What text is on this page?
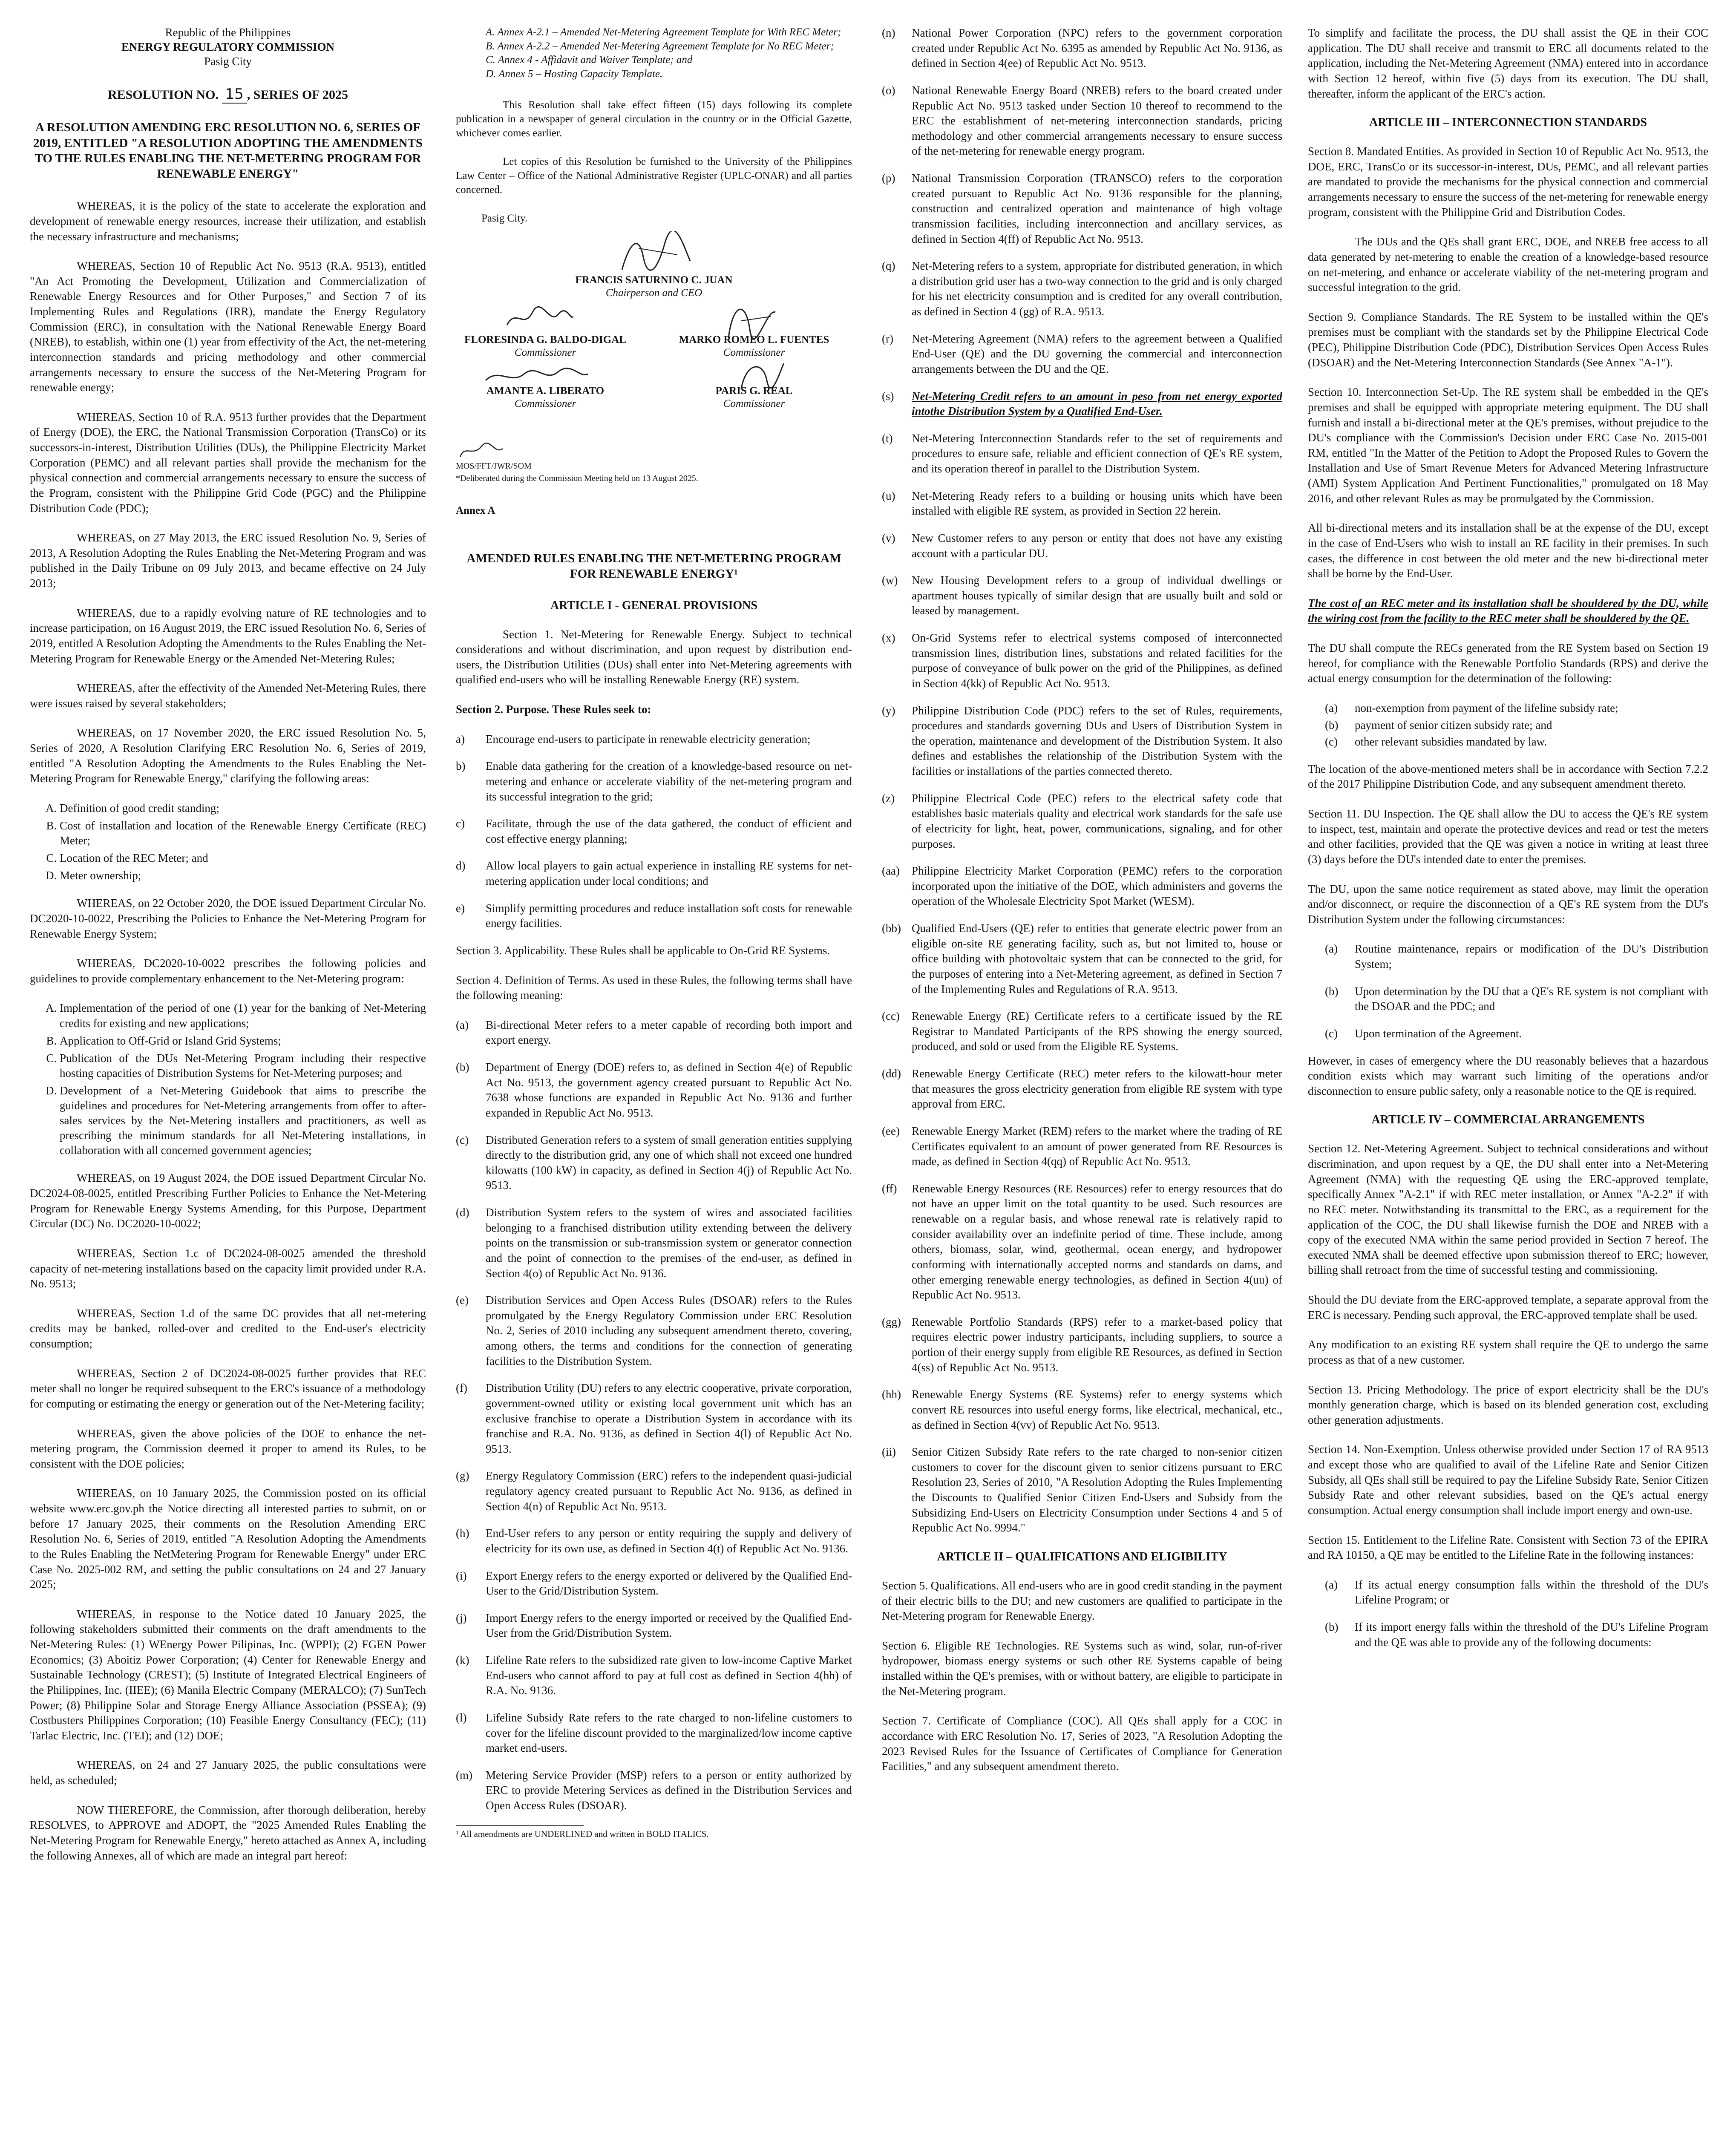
Republic of the Philippines
ENERGY REGULATORY COMMISSION
Pasig City
RESOLUTION NO. 15 , SERIES OF 2025
A RESOLUTION AMENDING ERC RESOLUTION NO. 6, SERIES OF 2019, ENTITLED "A RESOLUTION ADOPTING THE AMENDMENTS TO THE RULES ENABLING THE NET-METERING PROGRAM FOR RENEWABLE ENERGY"

WHEREAS, it is the policy of the state to accelerate the exploration and development of renewable energy resources, increase their utilization, and establish the necessary infrastructure and mechanisms;

WHEREAS, Section 10 of Republic Act No. 9513 (R.A. 9513), entitled "An Act Promoting the Development, Utilization and Commercialization of Renewable Energy Resources and for Other Purposes," and Section 7 of its Implementing Rules and Regulations (IRR), mandate the Energy Regulatory Commission (ERC), in consultation with the National Renewable Energy Board (NREB), to establish, within one (1) year from effectivity of the Act, the net-metering interconnection standards and pricing methodology and other commercial arrangements necessary to ensure the success of the Net-Metering Program for renewable energy;

WHEREAS, Section 10 of R.A. 9513 further provides that the Department of Energy (DOE), the ERC, the National Transmission Corporation (TransCo) or its successors-in-interest, Distribution Utilities (DUs), the Philippine Electricity Market Corporation (PEMC) and all relevant parties shall provide the mechanism for the physical connection and commercial arrangements necessary to ensure the success of the Program, consistent with the Philippine Grid Code (PGC) and the Philippine Distribution Code (PDC);

WHEREAS, on 27 May 2013, the ERC issued Resolution No. 9, Series of 2013, A Resolution Adopting the Rules Enabling the Net-Metering Program and was published in the Daily Tribune on 09 July 2013, and became effective on 24 July 2013;

WHEREAS, due to a rapidly evolving nature of RE technologies and to increase participation, on 16 August 2019, the ERC issued Resolution No. 6, Series of 2019, entitled A Resolution Adopting the Amendments to the Rules Enabling the Net-Metering Program for Renewable Energy or the Amended Net-Metering Rules;

WHEREAS, after the effectivity of the Amended Net-Metering Rules, there were issues raised by several stakeholders;

WHEREAS, on 17 November 2020, the ERC issued Resolution No. 5, Series of 2020, A Resolution Clarifying ERC Resolution No. 6, Series of 2019, entitled "A Resolution Adopting the Amendments to the Rules Enabling the Net-Metering Program for Renewable Energy," clarifying the following areas:

A. Definition of good credit standing;
B. Cost of installation and location of the Renewable Energy Certificate (REC) Meter;
C. Location of the REC Meter; and
D. Meter ownership;

WHEREAS, on 22 October 2020, the DOE issued Department Circular No. DC2020-10-0022, Prescribing the Policies to Enhance the Net-Metering Program for Renewable Energy System;

WHEREAS, DC2020-10-0022 prescribes the following policies and guidelines to provide complementary enhancement to the Net-Metering program:

A. Implementation of the period of one (1) year for the banking of Net-Metering credits for existing and new applications;
B. Application to Off-Grid or Island Grid Systems;
C. Publication of the DUs Net-Metering Program including their respective hosting capacities of Distribution Systems for Net-Metering purposes; and
D. Development of a Net-Metering Guidebook that aims to prescribe the guidelines and procedures for Net-Metering arrangements from offer to after-sales services by the Net-Metering installers and practitioners, as well as prescribing the minimum standards for all Net-Metering installations, in collaboration with all concerned government agencies;

WHEREAS, on 19 August 2024, the DOE issued Department Circular No. DC2024-08-0025, entitled Prescribing Further Policies to Enhance the Net-Metering Program for Renewable Energy Systems Amending, for this Purpose, Department Circular (DC) No. DC2020-10-0022;

WHEREAS, Section 1.c of DC2024-08-0025 amended the threshold capacity of net-metering installations based on the capacity limit provided under R.A. No. 9513;

WHEREAS, Section 1.d of the same DC provides that all net-metering credits may be banked, rolled-over and credited to the End-user's electricity consumption;

WHEREAS, Section 2 of DC2024-08-0025 further provides that REC meter shall no longer be required subsequent to the ERC's issuance of a methodology for computing or estimating the energy or generation out of the Net-Metering facility;

WHEREAS, given the above policies of the DOE to enhance the net-metering program, the Commission deemed it proper to amend its Rules, to be consistent with the DOE policies;

WHEREAS, on 10 January 2025, the Commission posted on its official website www.erc.gov.ph the Notice directing all interested parties to submit, on or before 17 January 2025, their comments on the Resolution Amending ERC Resolution No. 6, Series of 2019, entitled "A Resolution Adopting the Amendments to the Rules Enabling the NetMetering Program for Renewable Energy" under ERC Case No. 2025-002 RM, and setting the public consultations on 24 and 27 January 2025;

WHEREAS, in response to the Notice dated 10 January 2025, the following stakeholders submitted their comments on the draft amendments to the Net-Metering Rules: (1) WEnergy Power Pilipinas, Inc. (WPPI); (2) FGEN Power Economics; (3) Aboitiz Power Corporation; (4) Center for Renewable Energy and Sustainable Technology (CREST); (5) Institute of Integrated Electrical Engineers of the Philippines, Inc. (IIEE); (6) Manila Electric Company (MERALCO); (7) SunTech Power; (8) Philippine Solar and Storage Energy Alliance Association (PSSEA); (9) Costbusters Philippines Corporation; (10) Feasible Energy Consultancy (FEC); (11) Tarlac Electric, Inc. (TEI); and (12) DOE;

WHEREAS, on 24 and 27 January 2025, the public consultations were held, as scheduled;

NOW THEREFORE, the Commission, after thorough deliberation, hereby RESOLVES, to APPROVE and ADOPT, the "2025 Amended Rules Enabling the Net-Metering Program for Renewable Energy," hereto attached as Annex A, including the following Annexes, all of which are made an integral part hereof:

A. Annex A-2.1 – Amended Net-Metering Agreement Template for With REC Meter;
B. Annex A-2.2 – Amended Net-Metering Agreement Template for No REC Meter;
C. Annex 4 - Affidavit and Waiver Template; and
D. Annex 5 – Hosting Capacity Template.

This Resolution shall take effect fifteen (15) days following its complete publication in a newspaper of general circulation in the country or in the Official Gazette, whichever comes earlier.

Let copies of this Resolution be furnished to the University of the Philippines Law Center – Office of the National Administrative Register (UPLC-ONAR) and all parties concerned.

Pasig City.

FRANCIS SATURNINO C. JUAN
Chairperson and CEO
FLORESINDA G. BALDO-DIGAL
Commissioner
MARKO ROMEO L. FUENTES
Commissioner
AMANTE A. LIBERATO
Commissioner
PARIS G. REAL
Commissioner
MOS/FFT/JWR/SOM
*Deliberated during the Commission Meeting held on 13 August 2025.
Annex A
AMENDED RULES ENABLING THE NET-METERING PROGRAM FOR RENEWABLE ENERGY¹
ARTICLE I - GENERAL PROVISIONS

Section 1. Net-Metering for Renewable Energy. Subject to technical considerations and without discrimination, and upon request by distribution end-users, the Distribution Utilities (DUs) shall enter into Net-Metering agreements with qualified end-users who will be installing Renewable Energy (RE) system.

Section 2. Purpose. These Rules seek to:

a)	Encourage end-users to participate in renewable electricity generation;
b)	Enable data gathering for the creation of a knowledge-based resource on net-metering and enhance or accelerate viability of the net-metering program and its successful integration to the grid;
c)	Facilitate, through the use of the data gathered, the conduct of efficient and cost effective energy planning;
d)	Allow local players to gain actual experience in installing RE systems for net-metering application under local conditions; and
e)	Simplify permitting procedures and reduce installation soft costs for renewable energy facilities.

Section 3. Applicability. These Rules shall be applicable to On-Grid RE Systems.

Section 4. Definition of Terms. As used in these Rules, the following terms shall have the following meaning:

(a)	Bi-directional Meter refers to a meter capable of recording both import and export energy.
(b)	Department of Energy (DOE) refers to, as defined in Section 4(e) of Republic Act No. 9513, the government agency created pursuant to Republic Act No. 7638 whose functions are expanded in Republic Act No. 9136 and further expanded in Republic Act No. 9513.
(c)	Distributed Generation refers to a system of small generation entities supplying directly to the distribution grid, any one of which shall not exceed one hundred kilowatts (100 kW) in capacity, as defined in Section 4(j) of Republic Act No. 9513.
(d)	Distribution System refers to the system of wires and associated facilities belonging to a franchised distribution utility extending between the delivery points on the transmission or sub-transmission system or generator connection and the point of connection to the premises of the end-user, as defined in Section 4(o) of Republic Act No. 9136.
(e)	Distribution Services and Open Access Rules (DSOAR) refers to the Rules promulgated by the Energy Regulatory Commission under ERC Resolution No. 2, Series of 2010 including any subsequent amendment thereto, covering, among others, the terms and conditions for the connection of generating facilities to the Distribution System.
(f)	Distribution Utility (DU) refers to any electric cooperative, private corporation, government-owned utility or existing local government unit which has an exclusive franchise to operate a Distribution System in accordance with its franchise and R.A. No. 9136, as defined in Section 4(l) of Republic Act No. 9513.
(g)	Energy Regulatory Commission (ERC) refers to the independent quasi-judicial regulatory agency created pursuant to Republic Act No. 9136, as defined in Section 4(n) of Republic Act No. 9513.
(h)	End-User refers to any person or entity requiring the supply and delivery of electricity for its own use, as defined in Section 4(t) of Republic Act No. 9136.
(i)	Export Energy refers to the energy exported or delivered by the Qualified End-User to the Grid/Distribution System.
(j)	Import Energy refers to the energy imported or received by the Qualified End-User from the Grid/Distribution System.
(k)	Lifeline Rate refers to the subsidized rate given to low-income Captive Market End-users who cannot afford to pay at full cost as defined in Section 4(hh) of R.A. No. 9136.
(l)	Lifeline Subsidy Rate refers to the rate charged to non-lifeline customers to cover for the lifeline discount provided to the marginalized/low income captive market end-users.
(m)	Metering Service Provider (MSP) refers to a person or entity authorized by ERC to provide Metering Services as defined in the Distribution Services and Open Access Rules (DSOAR).
¹ All amendments are UNDERLINED and written in BOLD ITALICS.
(n)	National Power Corporation (NPC) refers to the government corporation created under Republic Act No. 6395 as amended by Republic Act No. 9136, as defined in Section 4(ee) of Republic Act No. 9513.
(o)	National Renewable Energy Board (NREB) refers to the board created under Republic Act No. 9513 tasked under Section 10 thereof to recommend to the ERC the establishment of net-metering interconnection standards, pricing methodology and other commercial arrangements necessary to ensure success of the net-metering for renewable energy program.
(p)	National Transmission Corporation (TRANSCO) refers to the corporation created pursuant to Republic Act No. 9136 responsible for the planning, construction and centralized operation and maintenance of high voltage transmission facilities, including interconnection and ancillary services, as defined in Section 4(ff) of Republic Act No. 9513.
(q)	Net-Metering refers to a system, appropriate for distributed generation, in which a distribution grid user has a two-way connection to the grid and is only charged for his net electricity consumption and is credited for any overall contribution, as defined in Section 4 (gg) of R.A. 9513.
(r)	Net-Metering Agreement (NMA) refers to the agreement between a Qualified End-User (QE) and the DU governing the commercial and interconnection arrangements between the DU and the QE.
(s)	Net-Metering Credit refers to an amount in peso from net energy exported intothe Distribution System by a Qualified End-User.
(t)	Net-Metering Interconnection Standards refer to the set of requirements and procedures to ensure safe, reliable and efficient connection of QE's RE system, and its operation thereof in parallel to the Distribution System.
(u)	Net-Metering Ready refers to a building or housing units which have been installed with eligible RE system, as provided in Section 22 herein.
(v)	New Customer refers to any person or entity that does not have any existing account with a particular DU.
(w)	New Housing Development refers to a group of individual dwellings or apartment houses typically of similar design that are usually built and sold or leased by management.
(x)	On-Grid Systems refer to electrical systems composed of interconnected transmission lines, distribution lines, substations and related facilities for the purpose of conveyance of bulk power on the grid of the Philippines, as defined in Section 4(kk) of Republic Act No. 9513.
(y)	Philippine Distribution Code (PDC) refers to the set of Rules, requirements, procedures and standards governing DUs and Users of Distribution System in the operation, maintenance and development of the Distribution System. It also defines and establishes the relationship of the Distribution System with the facilities or installations of the parties connected thereto.
(z)	Philippine Electrical Code (PEC) refers to the electrical safety code that establishes basic materials quality and electrical work standards for the safe use of electricity for light, heat, power, communications, signaling, and for other purposes.
(aa)	Philippine Electricity Market Corporation (PEMC) refers to the corporation incorporated upon the initiative of the DOE, which administers and governs the operation of the Wholesale Electricity Spot Market (WESM).
(bb) Qualified End-Users (QE) refer to entities that generate electric power from an eligible on-site RE generating facility, such as, but not limited to, house or office building with photovoltaic system that can be connected to the grid, for the purposes of entering into a Net-Metering agreement, as defined in Section 7 of the Implementing Rules and Regulations of R.A. 9513.
(cc)	Renewable Energy (RE) Certificate refers to a certificate issued by the RE Registrar to Mandated Participants of the RPS showing the energy sourced, produced, and sold or used from the Eligible RE Systems.
(dd) Renewable Energy Certificate (REC) meter refers to the kilowatt-hour meter that measures the gross electricity generation from eligible RE system with type approval from ERC.
(ee)	Renewable Energy Market (REM) refers to the market where the trading of RE Certificates equivalent to an amount of power generated from RE Resources is made, as defined in Section 4(qq) of Republic Act No. 9513.
(ff)	Renewable Energy Resources (RE Resources) refer to energy resources that do not have an upper limit on the total quantity to be used. Such resources are renewable on a regular basis, and whose renewal rate is relatively rapid to consider availability over an indefinite period of time. These include, among others, biomass, solar, wind, geothermal, ocean energy, and hydropower conforming with internationally accepted norms and standards on dams, and other emerging renewable energy technologies, as defined in Section 4(uu) of Republic Act No. 9513.
(gg) Renewable Portfolio Standards (RPS) refer to a market-based policy that requires electric power industry participants, including suppliers, to source a portion of their energy supply from eligible RE Resources, as defined in Section 4(ss) of Republic Act No. 9513.
(hh) Renewable Energy Systems (RE Systems) refer to energy systems which convert RE resources into useful energy forms, like electrical, mechanical, etc., as defined in Section 4(vv) of Republic Act No. 9513.
(ii)	Senior Citizen Subsidy Rate refers to the rate charged to non-senior citizen customers to cover for the discount given to senior citizens pursuant to ERC Resolution 23, Series of 2010, "A Resolution Adopting the Rules Implementing the Discounts to Qualified Senior Citizen End-Users and Subsidy from the Subsidizing End-Users on Electricity Consumption under Sections 4 and 5 of Republic Act No. 9994."
ARTICLE II – QUALIFICATIONS AND ELIGIBILITY

Section 5. Qualifications. All end-users who are in good credit standing in the payment of their electric bills to the DU; and new customers are qualified to participate in the Net-Metering program for Renewable Energy.

Section 6. Eligible RE Technologies. RE Systems such as wind, solar, run-of-river hydropower, biomass energy systems or such other RE Systems capable of being installed within the QE's premises, with or without battery, are eligible to participate in the Net-Metering program.

Section 7. Certificate of Compliance (COC). All QEs shall apply for a COC in accordance with ERC Resolution No. 17, Series of 2023, "A Resolution Adopting the 2023 Revised Rules for the Issuance of Certificates of Compliance for Generation Facilities," and any subsequent amendment thereto.

To simplify and facilitate the process, the DU shall assist the QE in their COC application. The DU shall receive and transmit to ERC all documents related to the application, including the Net-Metering Agreement (NMA) entered into in accordance with Section 12 hereof, within five (5) days from its execution. The DU shall, thereafter, inform the applicant of the ERC's action.

ARTICLE III – INTERCONNECTION STANDARDS

Section 8. Mandated Entities. As provided in Section 10 of Republic Act No. 9513, the DOE, ERC, TransCo or its successor-in-interest, DUs, PEMC, and all relevant parties are mandated to provide the mechanisms for the physical connection and commercial arrangements necessary to ensure the success of the net-metering for renewable energy program, consistent with the Philippine Grid and Distribution Codes.

The DUs and the QEs shall grant ERC, DOE, and NREB free access to all data generated by net-metering to enable the creation of a knowledge-based resource on net-metering, and enhance or accelerate viability of the net-metering program and successful integration to the grid.

Section 9. Compliance Standards. The RE System to be installed within the QE's premises must be compliant with the standards set by the Philippine Electrical Code (PEC), Philippine Distribution Code (PDC), Distribution Services Open Access Rules (DSOAR) and the Net-Metering Interconnection Standards (See Annex "A-1").

Section 10. Interconnection Set-Up. The RE system shall be embedded in the QE's premises and shall be equipped with appropriate metering equipment. The DU shall furnish and install a bi-directional meter at the QE's premises, without prejudice to the DU's compliance with the Commission's Decision under ERC Case No. 2015-001 RM, entitled "In the Matter of the Petition to Adopt the Proposed Rules to Govern the Installation and Use of Smart Revenue Meters for Advanced Metering Infrastructure (AMI) System Application And Pertinent Functionalities," promulgated on 18 May 2016, and other relevant Rules as may be promulgated by the Commission.

All bi-directional meters and its installation shall be at the expense of the DU, except in the case of End-Users who wish to install an RE facility in their premises. In such cases, the difference in cost between the old meter and the new bi-directional meter shall be borne by the End-User.

The cost of an REC meter and its installation shall be shouldered by the DU, while the wiring cost from the facility to the REC meter shall be shouldered by the QE.

The DU shall compute the RECs generated from the RE System based on Section 19 hereof, for compliance with the Renewable Portfolio Standards (RPS) and derive the actual energy consumption for the determination of the following:

(a)	non-exemption from payment of the lifeline subsidy rate;
(b)	payment of senior citizen subsidy rate; and
(c)	other relevant subsidies mandated by law.

The location of the above-mentioned meters shall be in accordance with Section 7.2.2 of the 2017 Philippine Distribution Code, and any subsequent amendment thereto.

Section 11. DU Inspection. The QE shall allow the DU to access the QE's RE system to inspect, test, maintain and operate the protective devices and read or test the meters and other facilities, provided that the QE was given a notice in writing at least three (3) days before the DU's intended date to enter the premises.

The DU, upon the same notice requirement as stated above, may limit the operation and/or disconnect, or require the disconnection of a QE's RE system from the DU's Distribution System under the following circumstances:

(a)	Routine maintenance, repairs or modification of the DU's Distribution System;
(b)	Upon determination by the DU that a QE's RE system is not compliant with the DSOAR and the PDC; and
(c)	Upon termination of the Agreement.

However, in cases of emergency where the DU reasonably believes that a hazardous condition exists which may warrant such limiting of the operations and/or disconnection to ensure public safety, only a reasonable notice to the QE is required.

ARTICLE IV – COMMERCIAL ARRANGEMENTS

Section 12. Net-Metering Agreement. Subject to technical considerations and without discrimination, and upon request by a QE, the DU shall enter into a Net-Metering Agreement (NMA) with the requesting QE using the ERC-approved template, specifically Annex "A-2.1" if with REC meter installation, or Annex "A-2.2" if with no REC meter. Notwithstanding its transmittal to the ERC, as a requirement for the application of the COC, the DU shall likewise furnish the DOE and NREB with a copy of the executed NMA within the same period provided in Section 7 hereof. The executed NMA shall be deemed effective upon submission thereof to ERC; however, billing shall retroact from the time of successful testing and commissioning.

Should the DU deviate from the ERC-approved template, a separate approval from the ERC is necessary. Pending such approval, the ERC-approved template shall be used.

Any modification to an existing RE system shall require the QE to undergo the same process as that of a new customer.

Section 13. Pricing Methodology. The price of export electricity shall be the DU's monthly generation charge, which is based on its blended generation cost, excluding other generation adjustments.

Section 14. Non-Exemption. Unless otherwise provided under Section 17 of RA 9513 and except those who are qualified to avail of the Lifeline Rate and Senior Citizen Subsidy, all QEs shall still be required to pay the Lifeline Subsidy Rate, Senior Citizen Subsidy Rate and other relevant subsidies, based on the QE's actual energy consumption. Actual energy consumption shall include import energy and own-use.

Section 15. Entitlement to the Lifeline Rate. Consistent with Section 73 of the EPIRA and RA 10150, a QE may be entitled to the Lifeline Rate in the following instances:

(a)	If its actual energy consumption falls within the threshold of the DU's Lifeline Program; or
(b)	If its import energy falls within the threshold of the DU's Lifeline Program and the QE was able to provide any of the following documents:
